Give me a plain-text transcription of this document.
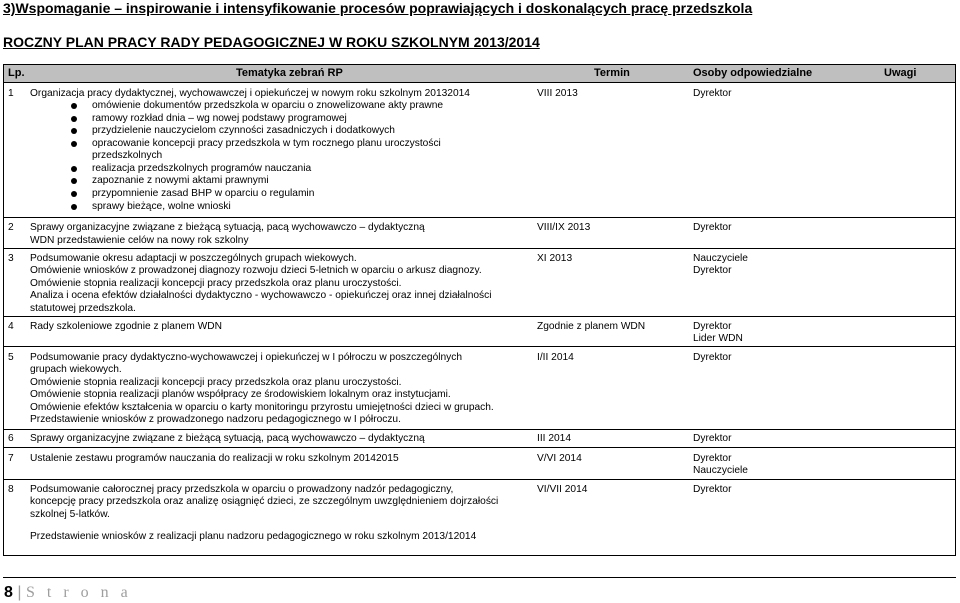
3)Wspomaganie – inspirowanie i intensyfikowanie procesów poprawiających i doskonalących pracę przedszkola
ROCZNY PLAN PRACY RADY PEDAGOGICZNEJ W ROKU SZKOLNYM 2013/2014
Lp.	Tematyka zebrań RP	Termin	Osoby odpowiedzialne	Uwagi
1 Organizacja pracy dydaktycznej, wychowawczej i opiekuńczej w nowym roku szkolnym 20132014	VIII 2013	Dyrektor
omówienie dokumentów przedszkola w oparciu o znowelizowane akty prawne
ramowy rozkład dnia – wg nowej podstawy programowej
przydzielenie nauczycielom czynności zasadniczych i dodatkowych
opracowanie koncepcji pracy przedszkola w tym rocznego planu uroczystości
przedszkolnych
realizacja przedszkolnych programów nauczania
zapoznanie z nowymi aktami prawnymi
przypomnienie zasad BHP w oparciu o regulamin
sprawy bieżące, wolne wnioski
2 Sprawy organizacyjne związane z bieżącą sytuacją, pacą wychowawczo – dydaktyczną
WDN przedstawienie celów na nowy rok szkolny
VIII/IX 2013	Dyrektor
3 Podsumowanie okresu adaptacji w poszczególnych grupach wiekowych.
Omówienie wniosków z prowadzonej diagnozy rozwoju dzieci 5-letnich w oparciu o arkusz diagnozy.
Omówienie stopnia realizacji koncepcji pracy przedszkola oraz planu uroczystości.
Analiza i ocena efektów działalności dydaktyczno - wychowawczo - opiekuńczej oraz innej działalności
statutowej przedszkola.
XI 2013	Nauczyciele
Dyrektor
4 Rady szkoleniowe zgodnie z planem WDN	Zgodnie z planem WDN	Dyrektor
Lider WDN
5 Podsumowanie pracy dydaktyczno-wychowawczej i opiekuńczej w I półroczu w poszczególnych
grupach wiekowych.
Omówienie stopnia realizacji koncepcji pracy przedszkola oraz planu uroczystości.
Omówienie stopnia realizacji planów współpracy ze środowiskiem lokalnym oraz instytucjami.
Omówienie efektów kształcenia w oparciu o karty monitoringu przyrostu umiejętności dzieci w grupach.
Przedstawienie wniosków z prowadzonego nadzoru pedagogicznego w I półroczu.
I/II 2014	Dyrektor
6 Sprawy organizacyjne związane z bieżącą sytuacją, pacą wychowawczo – dydaktyczną	III 2014	Dyrektor
7 Ustalenie zestawu programów nauczania do realizacji w roku szkolnym 20142015	V/VI 2014	Dyrektor
Nauczyciele
8 Podsumowanie całorocznej pracy przedszkola w oparciu o prowadzony nadzór pedagogiczny,
koncepcję pracy przedszkola oraz analizę osiągnięć dzieci, ze szczególnym uwzględnieniem dojrzałości
szkolnej 5-latków.
Przedstawienie wniosków z realizacji planu nadzoru pedagogicznego w roku szkolnym 2013/12014
VI/VII 2014	Dyrektor
8 | S t r o n a
